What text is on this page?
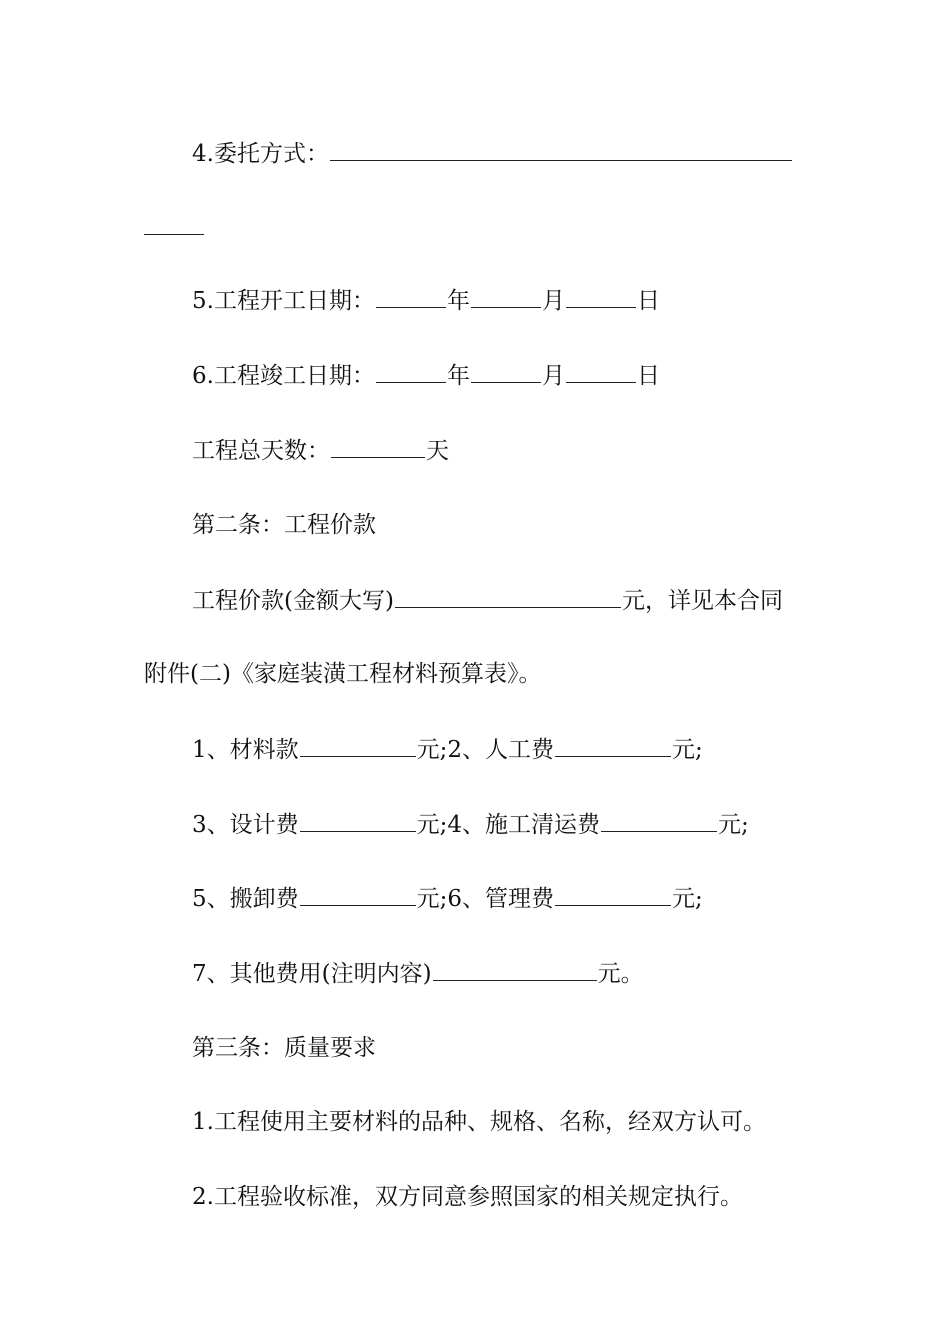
4.委托方式：
5.工程开工日期：	年	月	日
6.工程竣工日期：	年	月	日
工程总天数：	天
第二条：工程价款
工程价款(金额大写)	元，详见本合同
附件(二)《家庭装潢工程材料预算表》。
1、材料款	元;2、人工费	元;
3、设计费	元;4、施工清运费	元;
5、搬卸费	元;6、管理费	元;
7、其他费用(注明内容)	元。
第三条：质量要求
1.工程使用主要材料的品种、规格、名称，经双方认可。
2.工程验收标准，双方同意参照国家的相关规定执行。
